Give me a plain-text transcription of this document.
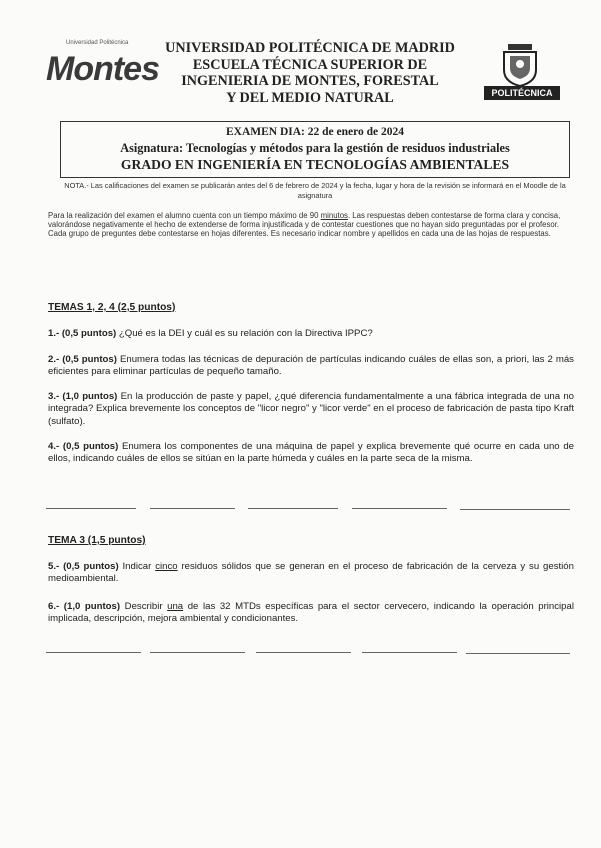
Universidad Politécnica
Montes
POLITÉCNICA
UNIVERSIDAD POLITÉCNICA DE MADRID
ESCUELA TÉCNICA SUPERIOR DE
INGENIERIA DE MONTES, FORESTAL
Y DEL MEDIO NATURAL
EXAMEN DIA: 22 de enero de 2024
Asignatura: Tecnologías y métodos para la gestión de residuos industriales
GRADO EN INGENIERÍA EN TECNOLOGÍAS AMBIENTALES
NOTA.- Las calificaciones del examen se publicarán antes del 6 de febrero de 2024 y la fecha, lugar y hora de la revisión se informará en el Moodle de la asignatura

Para la realización del examen el alumno cuenta con un tiempo máximo de 90 minutos. Las respuestas deben contestarse de forma clara y concisa, valorándose negativamente el hecho de extenderse de forma injustificada y de contestar cuestiones que no hayan sido preguntadas por el profesor.

Cada grupo de preguntes debe contestarse en hojas diferentes. Es necesario indicar nombre y apellidos en cada una de las hojas de respuestas.

TEMAS 1, 2, 4 (2,5 puntos)
1.- (0,5 puntos) ¿Qué es la DEI y cuál es su relación con la Directiva IPPC?
2.- (0,5 puntos) Enumera todas las técnicas de depuración de partículas indicando cuáles de ellas son, a priori, las 2 más eficientes para eliminar partículas de pequeño tamaño.
3.- (1,0 puntos) En la producción de paste y papel, ¿qué diferencia fundamentalmente a una fábrica integrada de una no integrada? Explica brevemente los conceptos de "licor negro" y "licor verde" en el proceso de fabricación de pasta tipo Kraft (sulfato).
4.- (0,5 puntos) Enumera los componentes de una máquina de papel y explica brevemente qué ocurre en cada uno de ellos, indicando cuáles de ellos se sitúan en la parte húmeda y cuáles en la parte seca de la misma.
TEMA 3 (1,5 puntos)
5.- (0,5 puntos) Indicar cinco residuos sólidos que se generan en el proceso de fabricación de la cerveza y su gestión medioambiental.
6.- (1,0 puntos) Describir una de las 32 MTDs específicas para el sector cervecero, indicando la operación principal implicada, descripción, mejora ambiental y condicionantes.
